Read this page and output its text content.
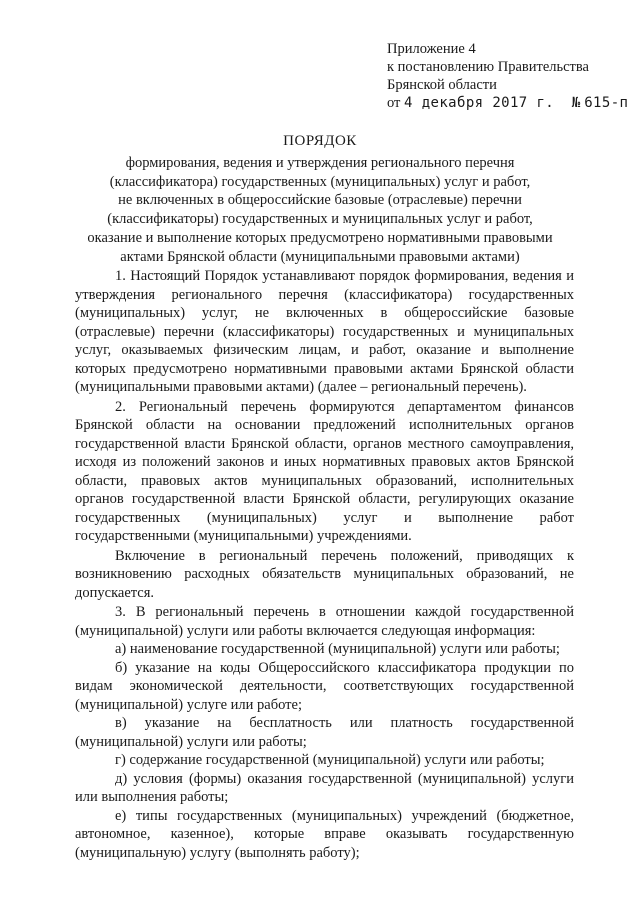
Приложение 4
к постановлению Правительства
Брянской области
от 4 декабря 2017 г. № 615-п
ПОРЯДОК
формирования, ведения и утверждения регионального перечня
(классификатора) государственных (муниципальных) услуг и работ,
не включенных в общероссийские базовые (отраслевые) перечни
(классификаторы) государственных и муниципальных услуг и работ,
оказание и выполнение которых предусмотрено нормативными правовыми
актами Брянской области (муниципальными правовыми актами)

1. Настоящий Порядок устанавливают порядок формирования, ведения и утверждения регионального перечня (классификатора) государственных (муниципальных) услуг, не включенных в общероссийские базовые (отраслевые) перечни (классификаторы) государственных и муниципальных услуг, оказываемых физическим лицам, и работ, оказание и выполнение которых предусмотрено нормативными правовыми актами Брянской области (муниципальными правовыми актами) (далее – региональный перечень).

2. Региональный перечень формируются департаментом финансов Брянской области на основании предложений исполнительных органов государственной власти Брянской области, органов местного самоуправления, исходя из положений законов и иных нормативных правовых актов Брянской области, правовых актов муниципальных образований, исполнительных органов государственной власти Брянской области, регулирующих оказание государственных (муниципальных) услуг и выполнение работ государственными (муниципальными) учреждениями.

Включение в региональный перечень положений, приводящих к возникновению расходных обязательств муниципальных образований, не допускается.

3. В региональный перечень в отношении каждой государственной (муниципальной) услуги или работы включается следующая информация:

а) наименование государственной (муниципальной) услуги или работы;

б) указание на коды Общероссийского классификатора продукции по видам экономической деятельности, соответствующих государственной (муниципальной) услуге или работе;

в) указание на бесплатность или платность государственной (муниципальной) услуги или работы;

г) содержание государственной (муниципальной) услуги или работы;

д) условия (формы) оказания государственной (муниципальной) услуги или выполнения работы;

е) типы государственных (муниципальных) учреждений (бюджетное, автономное, казенное), которые вправе оказывать государственную (муниципальную) услугу (выполнять работу);
